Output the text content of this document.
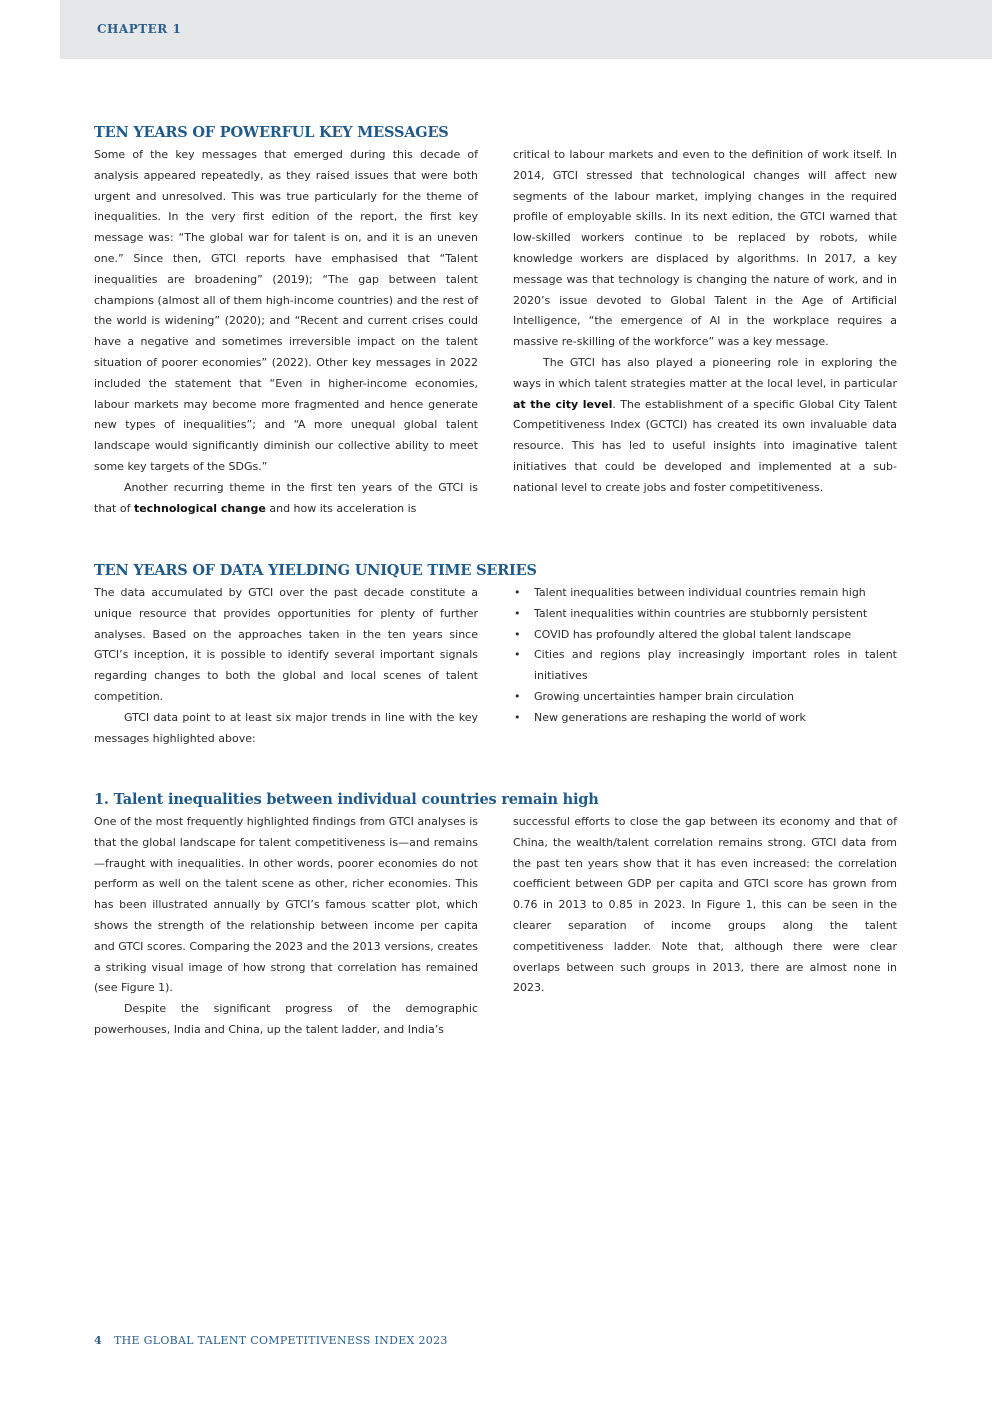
CHAPTER 1
TEN YEARS OF POWERFUL KEY MESSAGES

Some of the key messages that emerged during this decade of analysis appeared repeatedly, as they raised issues that were both urgent and unresolved. This was true particularly for the theme of inequalities. In the very first edition of the report, the first key message was: “The global war for talent is on, and it is an uneven one.” Since then, GTCI reports have emphasised that “Talent inequalities are broadening” (2019); “The gap between talent champions (almost all of them high-income countries) and the rest of the world is widening” (2020); and “Recent and current crises could have a negative and sometimes irreversible impact on the talent situation of poorer economies” (2022). Other key messages in 2022 included the statement that “Even in higher-income economies, labour markets may become more fragmented and hence generate new types of inequalities”; and “A more unequal global talent landscape would significantly diminish our collective ability to meet some key targets of the SDGs.”

Another recurring theme in the first ten years of the GTCI is that of technological change and how its acceleration is

critical to labour markets and even to the definition of work itself. In 2014, GTCI stressed that technological changes will affect new segments of the labour market, implying changes in the required profile of employable skills. In its next edition, the GTCI warned that low-skilled workers continue to be replaced by robots, while knowledge workers are displaced by algorithms. In 2017, a key message was that technology is changing the nature of work, and in 2020’s issue devoted to Global Talent in the Age of Artificial Intelligence, “the emergence of AI in the workplace requires a massive re-skilling of the workforce” was a key message.

The GTCI has also played a pioneering role in exploring the ways in which talent strategies matter at the local level, in particular at the city level. The establishment of a specific Global City Talent Competitiveness Index (GCTCI) has created its own invaluable data resource. This has led to useful insights into imaginative talent initiatives that could be developed and implemented at a sub-national level to create jobs and foster competitiveness.

TEN YEARS OF DATA YIELDING UNIQUE TIME SERIES

The data accumulated by GTCI over the past decade constitute a unique resource that provides opportunities for plenty of further analyses. Based on the approaches taken in the ten years since GTCI’s inception, it is possible to identify several important signals regarding changes to both the global and local scenes of talent competition.

GTCI data point to at least six major trends in line with the key messages highlighted above:

• Talent inequalities between individual countries remain high
• Talent inequalities within countries are stubbornly persistent
• COVID has profoundly altered the global talent landscape
• Cities and regions play increasingly important roles in talent initiatives
• Growing uncertainties hamper brain circulation
• New generations are reshaping the world of work
1. Talent inequalities between individual countries remain high

One of the most frequently highlighted findings from GTCI analyses is that the global landscape for talent competitiveness is—and remains—fraught with inequalities. In other words, poorer economies do not perform as well on the talent scene as other, richer economies. This has been illustrated annually by GTCI’s famous scatter plot, which shows the strength of the relationship between income per capita and GTCI scores. Comparing the 2023 and the 2013 versions, creates a striking visual image of how strong that correlation has remained (see Figure 1).

Despite the significant progress of the demographic powerhouses, India and China, up the talent ladder, and India’s

successful efforts to close the gap between its economy and that of China, the wealth/talent correlation remains strong. GTCI data from the past ten years show that it has even increased: the correlation coefficient between GDP per capita and GTCI score has grown from 0.76 in 2013 to 0.85 in 2023. In Figure 1, this can be seen in the clearer separation of income groups along the talent competitiveness ladder. Note that, although there were clear overlaps between such groups in 2013, there are almost none in 2023.

4 THE GLOBAL TALENT COMPETITIVENESS INDEX 2023
